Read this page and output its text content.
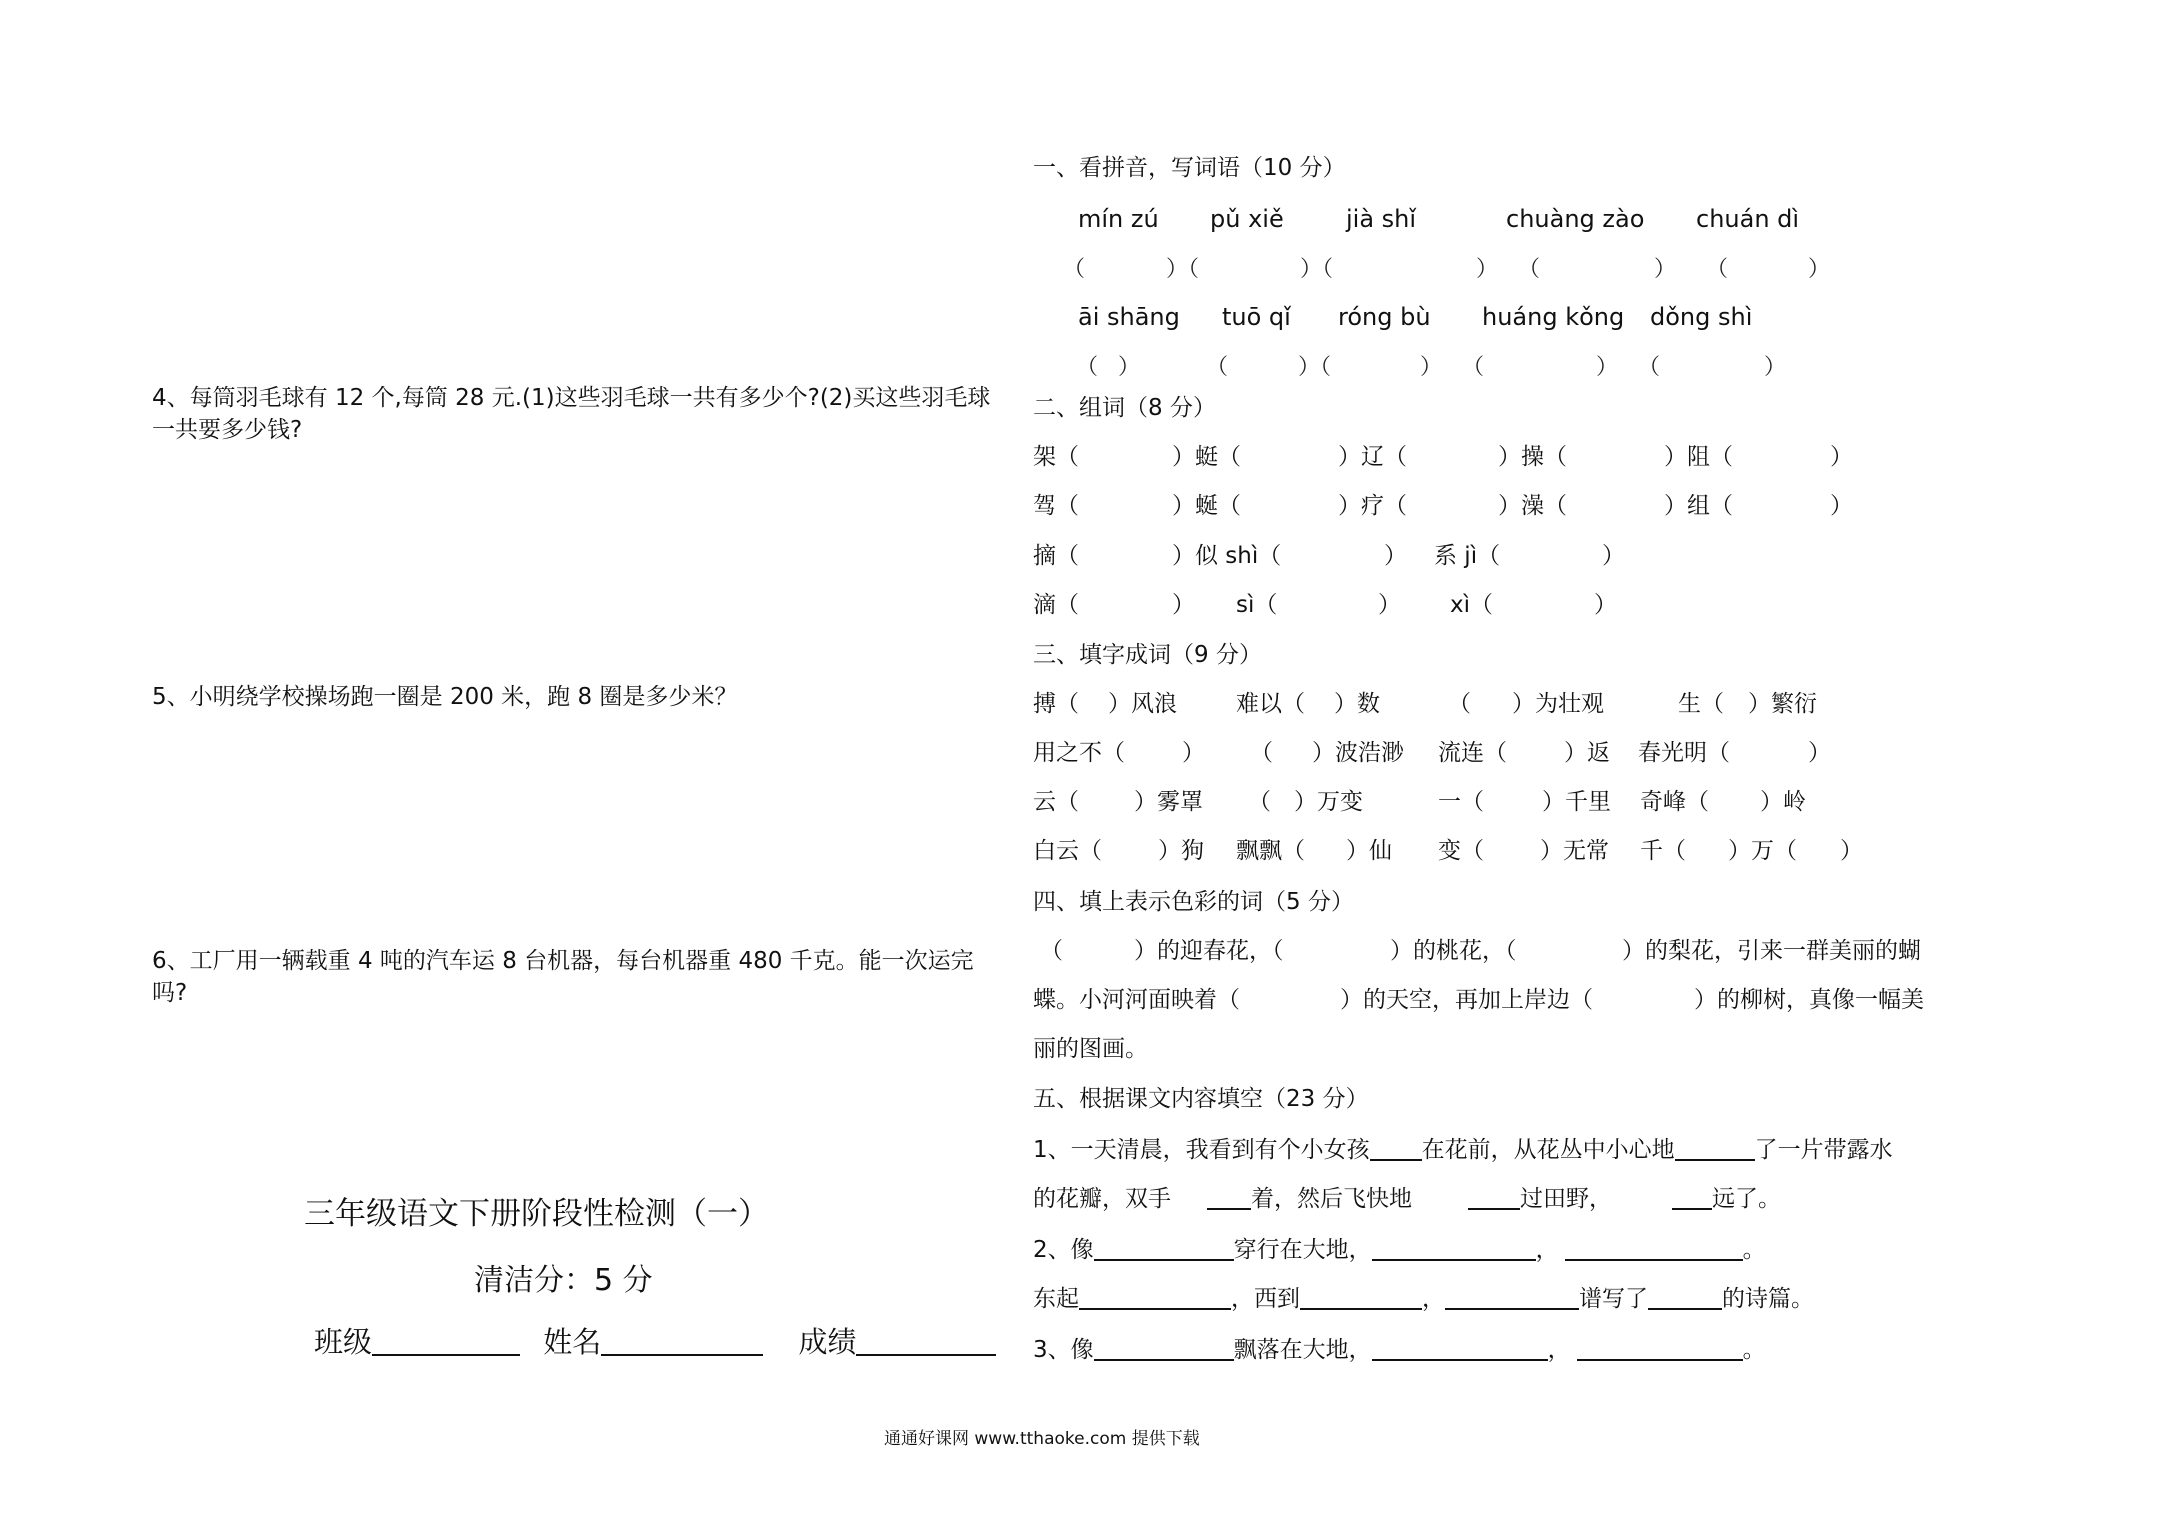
4、每筒羽毛球有 12 个,每筒 28 元.(1)这些羽毛球一共有多少个?(2)买这些羽毛球一共要多少钱?
5、小明绕学校操场跑一圈是 200 米，跑 8 圈是多少米？
6、工厂用一辆载重 4 吨的汽车运 8 台机器，每台机器重 480 千克。能一次运完吗?
三年级语文下册阶段性检测（一）
清洁分：5 分
班级	姓名	成绩
一、看拼音，写词语（10 分）
mín zú pǔ xiě	jià shǐ	chuàng zào chuán dì
（	）（	）（	） （	） （	）
āi shāng tuō qǐ róng bù huáng kǒng dǒng shì
（ ）	（	）（	） （	） （	）
二、组词（8 分）
架（	）蜓（	）辽（	）操（	）阻（	）
驾（	）蜒（	）疗（	）澡（	）组（	）
摘（	）似 shì（	） 系 jì（	）
滴（	） sì（	） xì（	）
三、填字成词（9 分）
搏（ ）风浪	难以（ ）数	（ ）为壮观	生（ ）繁衍
用之不（ ） （ ）波浩渺 流连（ ）返 春光明（	）
云（ ）雾罩 （ ）万变	一（	）千里 奇峰（ ）岭
白云（ ）狗 飘飘（ ）仙 变（ ）无常 千（ ）万（ ）
四、填上表示色彩的词（5 分）
（	）的迎春花，（	）的桃花，（	）的梨花，引来一群美丽的蝴
蝶。小河河面映着（	）的天空，再加上岸边（	）的柳树，真像一幅美
丽的图画。
五、根据课文内容填空（23 分）
1、一天清晨，我看到有个小女孩 在花前，从花丛中小心地	了一片带露水
的花瓣，双手	着，然后飞快地	过田野，	远了。
2、像	穿行在大地，	，	。
东起	，西到	，	谱写了	的诗篇。
3、像	飘落在大地，	，	。
通通好课网 www.tthaoke.com 提供下载
